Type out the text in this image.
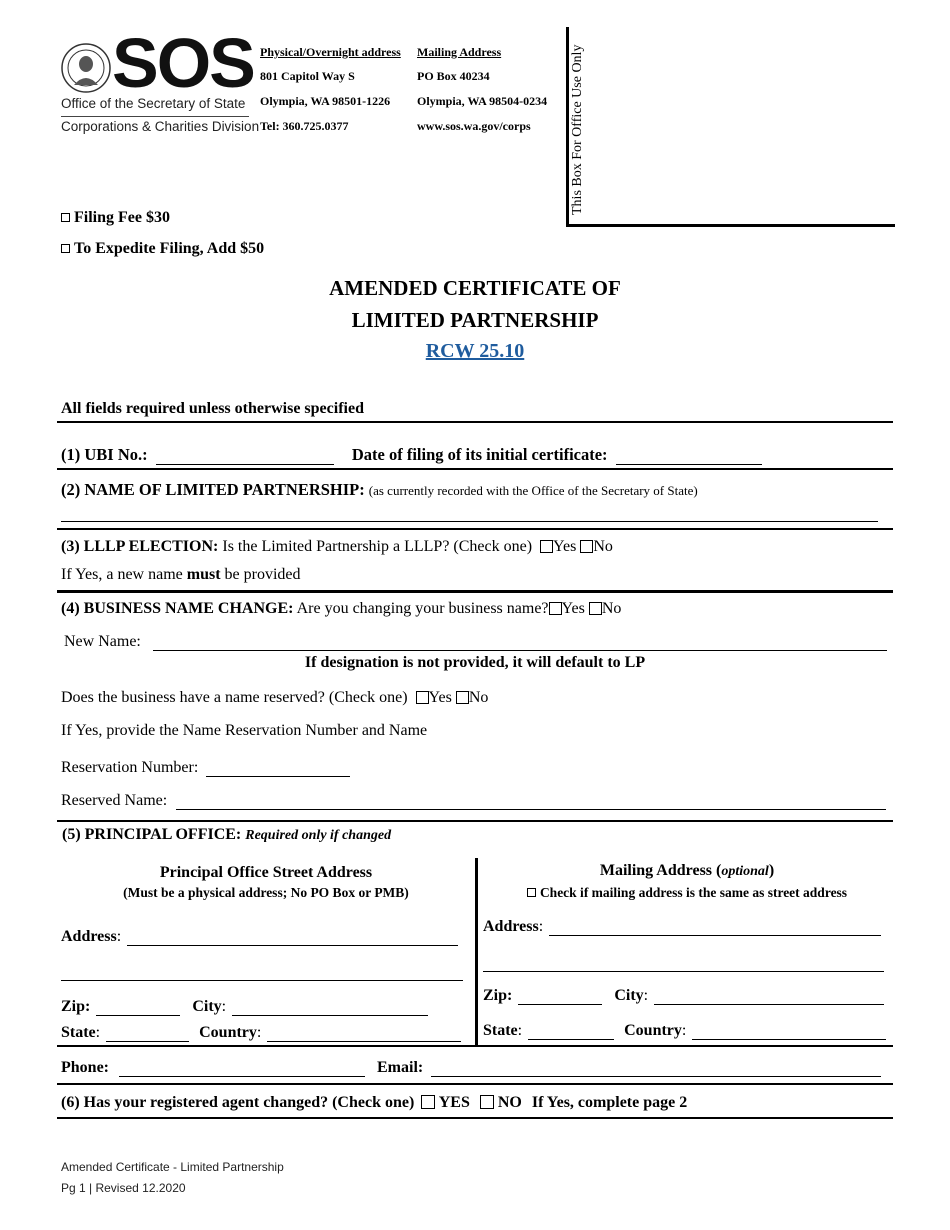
SOS
Office of the Secretary of State
Corporations & Charities Division
Physical/Overnight address
801 Capitol Way S
Olympia, WA 98501-1226
Tel: 360.725.0377
Mailing Address
PO Box 40234
Olympia, WA 98504-0234
www.sos.wa.gov/corps	This Box For Office Use Only
Filing Fee $30
To Expedite Filing, Add $50
AMENDED CERTIFICATE OF
LIMITED PARTNERSHIP
RCW 25.10
All fields required unless otherwise specified
(1) UBI No.:	Date of filing of its initial certificate:
(2) NAME OF LIMITED PARTNERSHIP: (as currently recorded with the Office of the Secretary of State)
(3) LLLP ELECTION: Is the Limited Partnership a LLLP? (Check one) Yes No
If Yes, a new name must be provided
(4) BUSINESS NAME CHANGE: Are you changing your business name? Yes No
New Name:
If designation is not provided, it will default to LP
Does the business have a name reserved? (Check one) Yes No
If Yes, provide the Name Reservation Number and Name
Reservation Number:
Reserved Name:
(5) PRINCIPAL OFFICE: Required only if changed
Principal Office Street Address
(Must be a physical address; No PO Box or PMB)
Address:
Zip:	City:
State:	Country:
Mailing Address (optional)
Check if mailing address is the same as street address
Address:
Zip:	City:
State:	Country:
Phone:	Email:
(6) Has your registered agent changed? (Check one) YES NO If Yes, complete page 2
Amended Certificate - Limited Partnership
Pg 1 | Revised 12.2020
